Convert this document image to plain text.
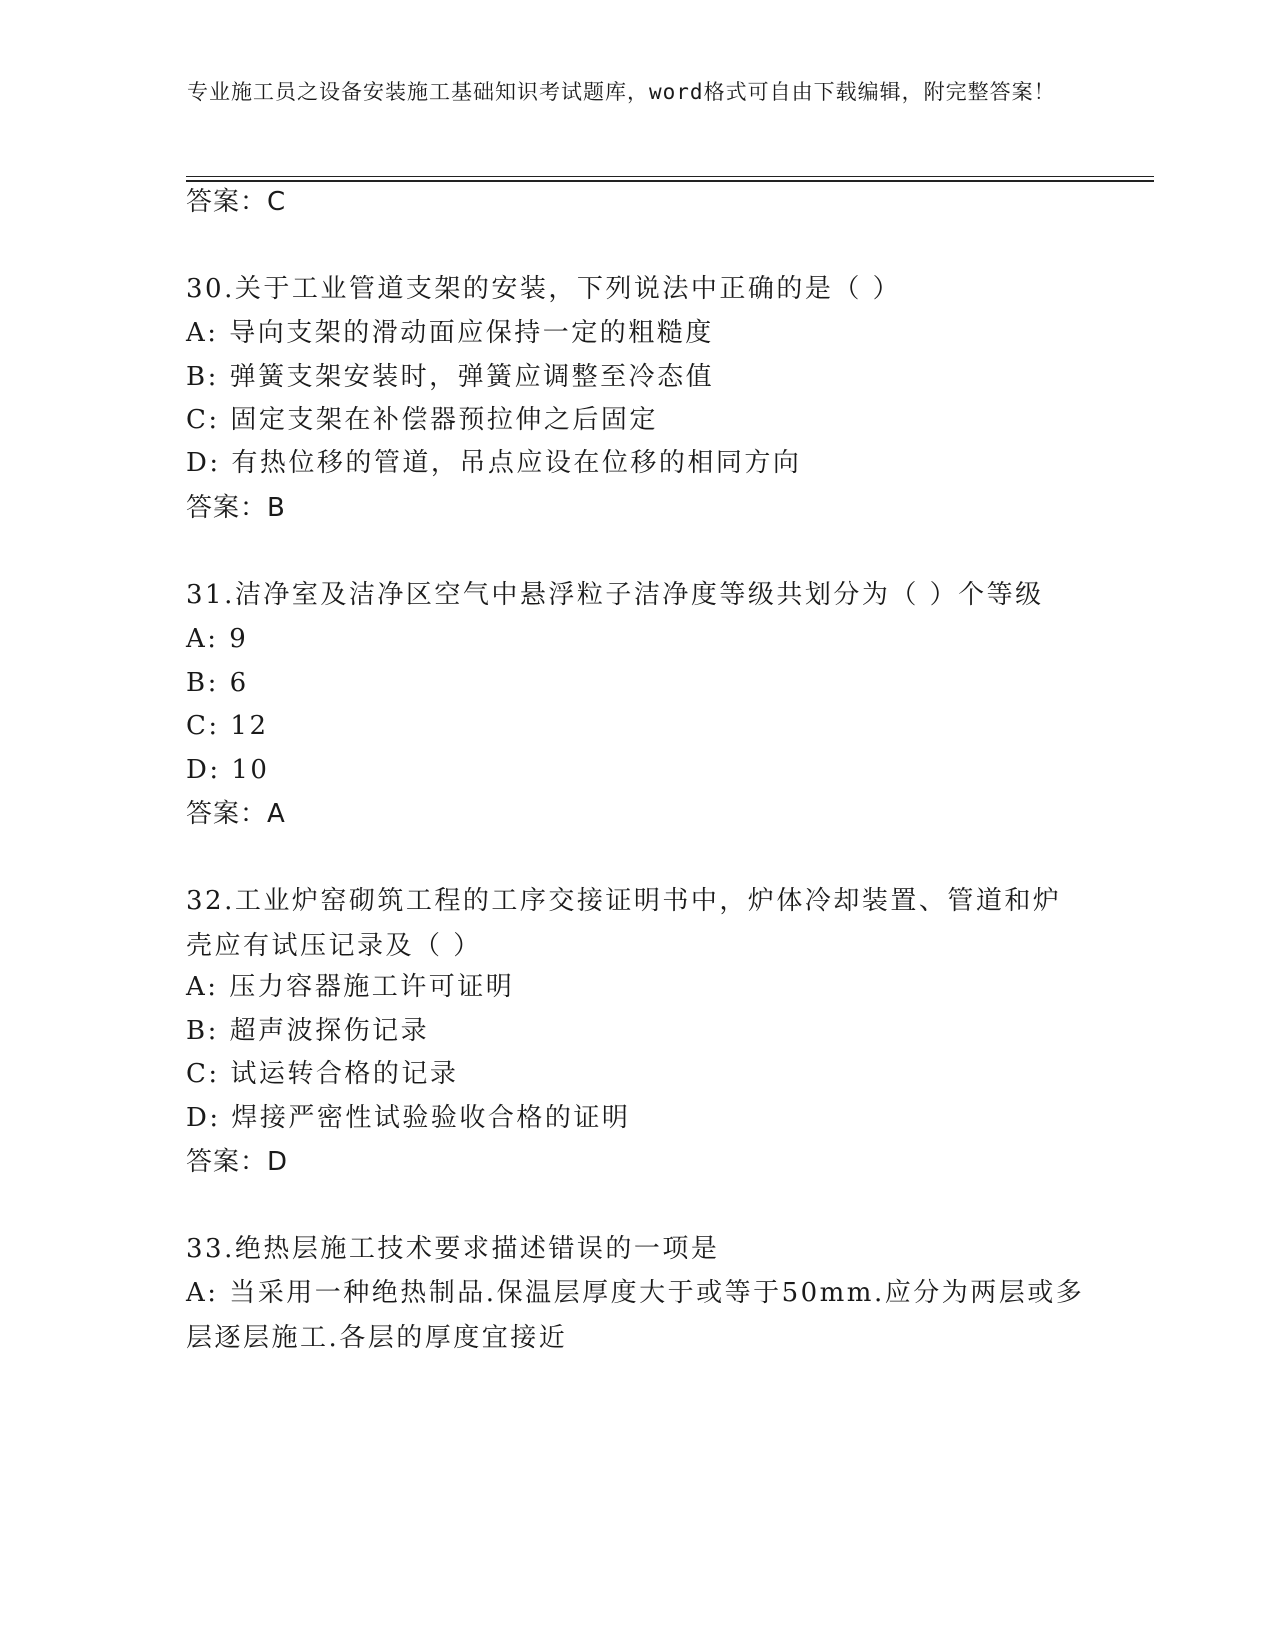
专业施工员之设备安装施工基础知识考试题库，word格式可自由下载编辑，附完整答案！
答案：C
30.关于工业管道支架的安装，下列说法中正确的是（ ）
A: 导向支架的滑动面应保持一定的粗糙度
B: 弹簧支架安装时，弹簧应调整至冷态值
C: 固定支架在补偿器预拉伸之后固定
D: 有热位移的管道，吊点应设在位移的相同方向
答案：B
31.洁净室及洁净区空气中悬浮粒子洁净度等级共划分为（ ）个等级
A: 9
B: 6
C: 12
D: 10
答案：A
32.工业炉窑砌筑工程的工序交接证明书中，炉体冷却装置、管道和炉壳应有试压记录及（ ）
A: 压力容器施工许可证明
B: 超声波探伤记录
C: 试运转合格的记录
D: 焊接严密性试验验收合格的证明
答案：D
33.绝热层施工技术要求描述错误的一项是
A: 当采用一种绝热制品.保温层厚度大于或等于50mm.应分为两层或多层逐层施工.各层的厚度宜接近
